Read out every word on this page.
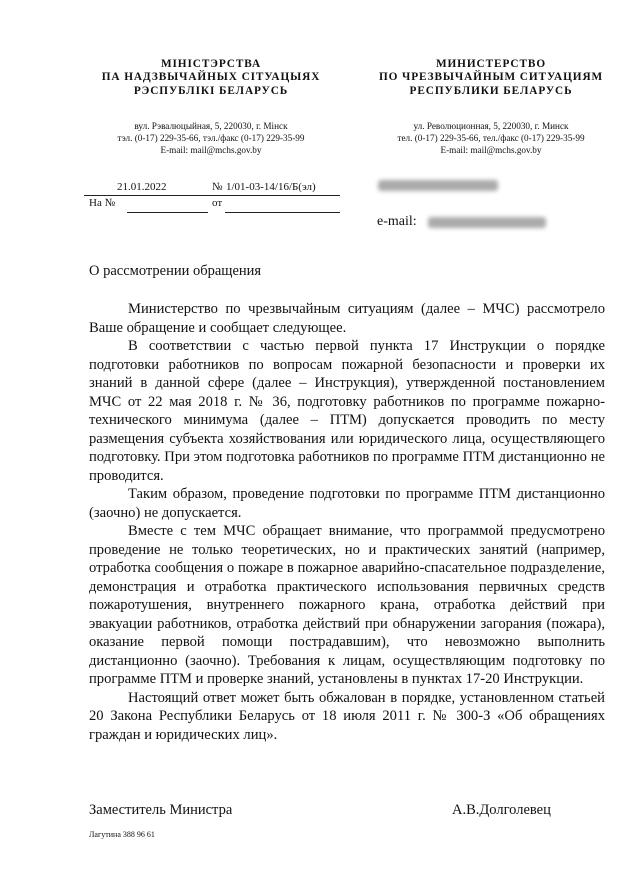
МІНІСТЭРСТВА
ПА НАДЗВЫЧАЙНЫХ СІТУАЦЫЯХ
РЭСПУБЛІКІ БЕЛАРУСЬ
вул. Рэвалюцыйная, 5, 220030, г. Мінск
тэл. (0-17) 229-35-66, тэл./факс (0-17) 229-35-99
E-mail: mail@mchs.gov.by
МИНИСТЕРСТВО
ПО ЧРЕЗВЫЧАЙНЫМ СИТУАЦИЯМ
РЕСПУБЛИКИ БЕЛАРУСЬ
ул. Революционная, 5, 220030, г. Минск
тел. (0-17) 229-35-66, тел./факс (0-17) 229-35-99
E-mail: mail@mchs.gov.by
21.01.2022	№ 1/01-03-14/16/Б(эл)
На №	от
e-mail:
О рассмотрении обращения

Министерство по чрезвычайным ситуациям (далее – МЧС) рассмотрело Ваше обращение и сообщает следующее.

В соответствии с частью первой пункта 17 Инструкции о порядке подготовки работников по вопросам пожарной безопасности и проверки их знаний в данной сфере (далее – Инструкция), утвержденной постановлением МЧС от 22 мая 2018 г. № 36, подготовку работников по программе пожарно-технического минимума (далее – ПТМ) допускается проводить по месту размещения субъекта хозяйствования или юридического лица, осуществляющего подготовку. При этом подготовка работников по программе ПТМ дистанционно не проводится.

Таким образом, проведение подготовки по программе ПТМ дистанционно (заочно) не допускается.

Вместе с тем МЧС обращает внимание, что программой предусмотрено проведение не только теоретических, но и практических занятий (например, отработка сообщения о пожаре в пожарное аварийно-спасательное подразделение, демонстрация и отработка практического использования первичных средств пожаротушения, внутреннего пожарного крана, отработка действий при эвакуации работников, отработка действий при обнаружении загорания (пожара), оказание первой помощи пострадавшим), что невозможно выполнить дистанционно (заочно). Требования к лицам, осуществляющим подготовку по программе ПТМ и проверке знаний, установлены в пунктах 17-20 Инструкции.

Настоящий ответ может быть обжалован в порядке, установленном статьей 20 Закона Республики Беларусь от 18 июля 2011 г. № 300-З «Об обращениях граждан и юридических лиц».

Заместитель Министра	А.В.Долголевец
Лагутина 388 96 61
